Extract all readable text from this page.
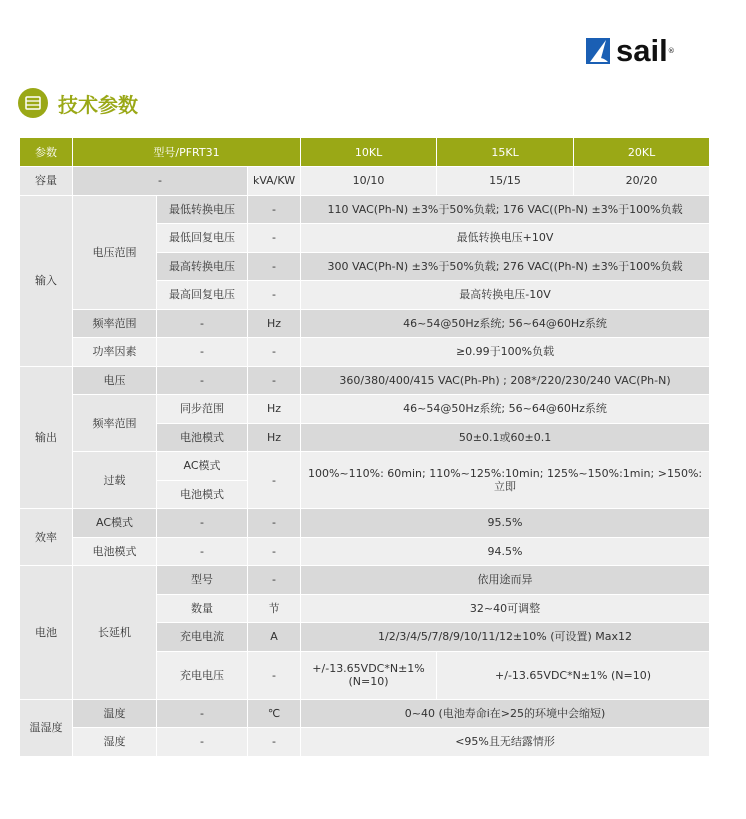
sail ®
技术参数
参数	型号/PFRT31			10KL	15KL	20KL
容量	-		kVA/KW	10/10	15/15	20/20
输入	电压范围	最低转换电压	-	110 VAC(Ph-N) ±3%于50%负载; 176 VAC((Ph-N) ±3%于100%负载		
		最低回复电压	-	最低转换电压+10V		
		最高转换电压	-	300 VAC(Ph-N) ±3%于50%负载; 276 VAC((Ph-N) ±3%于100%负载		
		最高回复电压	-	最高转换电压-10V		
	频率范围	-	Hz	46~54@50Hz系统; 56~64@60Hz系统		
	功率因素	-	-	≥0.99于100%负载		
输出	电压	-	-	360/380/400/415 VAC(Ph-Ph) ; 208*/220/230/240 VAC(Ph-N)		
	频率范围	同步范围	Hz	46~54@50Hz系统; 56~64@60Hz系统		
		电池模式	Hz	50±0.1或60±0.1		
	过载	AC模式	-	100%~110%: 60min; 110%~125%:10min; 125%~150%:1min; >150%: 立即		
		电池模式				
效率	AC模式	-	-	95.5%		
	电池模式	-	-	94.5%		
电池	长延机	型号	-	依用途而异		
		数量	节	32~40可调整		
		充电电流	A	1/2/3/4/5/7/8/9/10/11/12±10% (可设置) Max12		
		充电电压	-	+/-13.65VDC*N±1% (N=10)	+/-13.65VDC*N±1% (N=10)	
温湿度	温度	-	℃	0~40 (电池寿命i在>25的环境中会缩短)		
	湿度	-	-	<95%且无结露情形		
